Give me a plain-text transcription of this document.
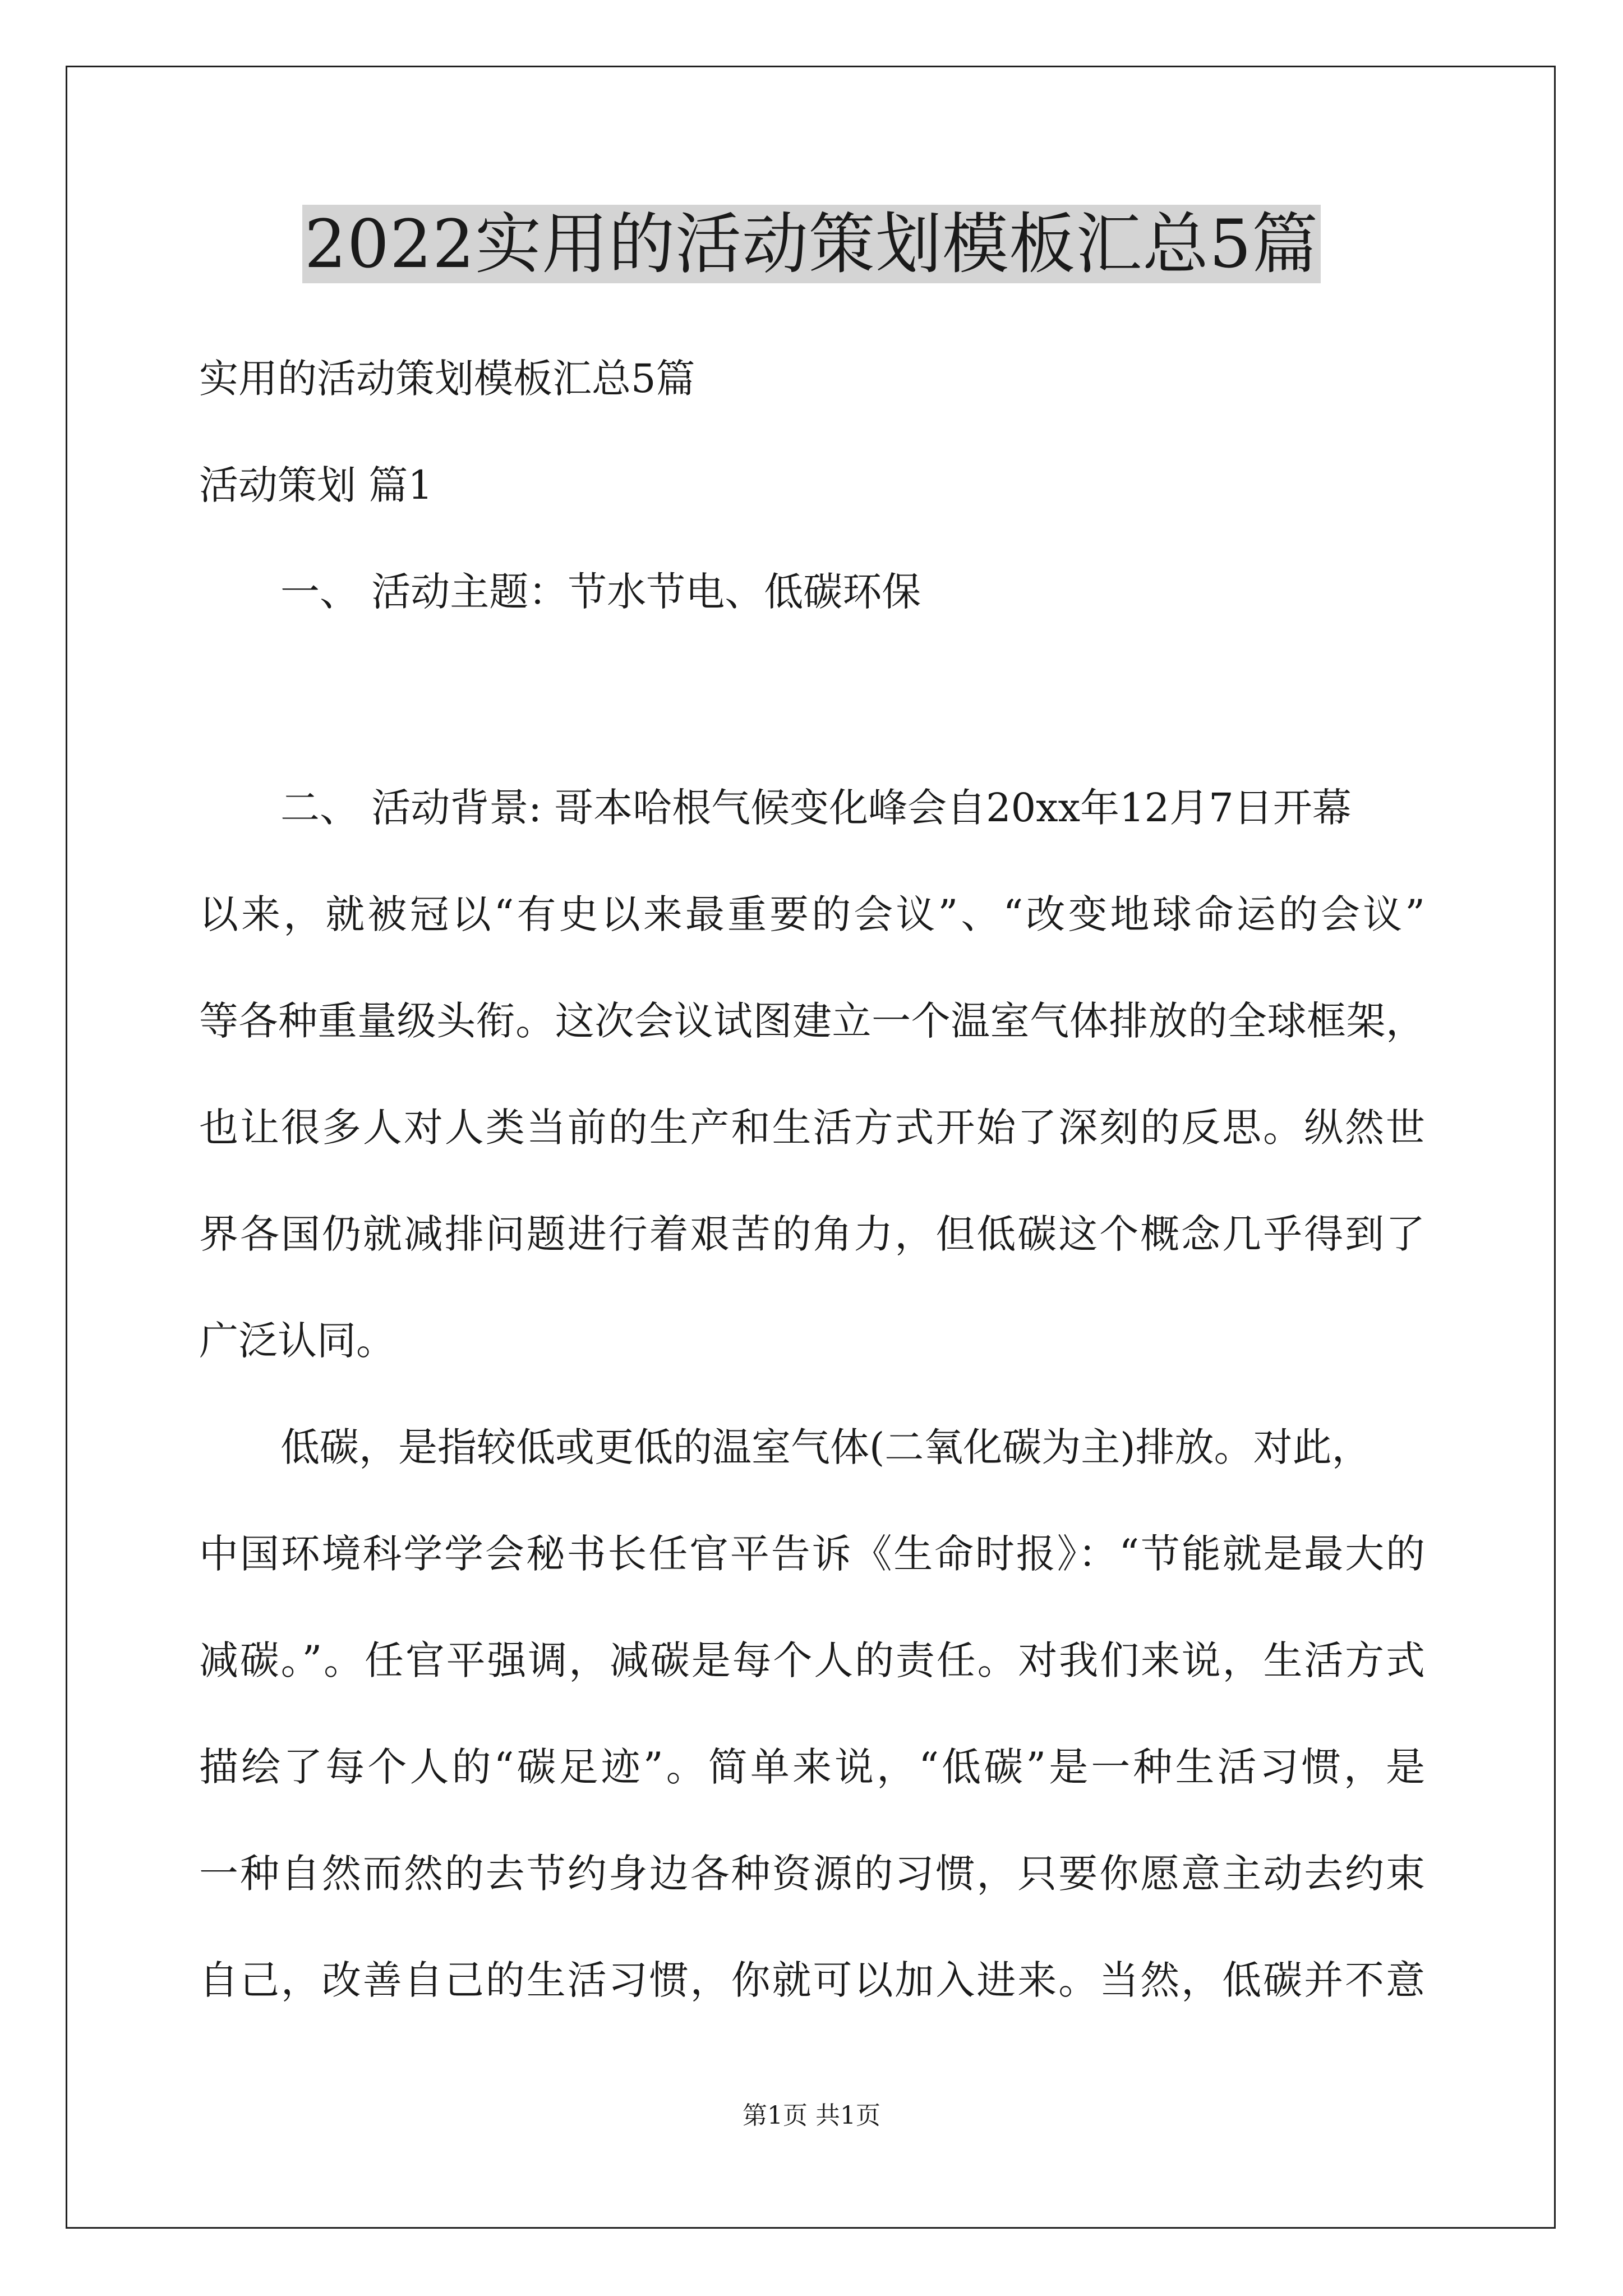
2022实用的活动策划模板汇总5篇
实用的活动策划模板汇总5篇
活动策划 篇1
一、 活动主题：节水节电、低碳环保
二、 活动背景: 哥本哈根气候变化峰会自20xx年12月7日开幕
以来，就被冠以“有史以来最重要的会议”、“改变地球命运的会议”
等各种重量级头衔。这次会议试图建立一个温室气体排放的全球框架，
也让很多人对人类当前的生产和生活方式开始了深刻的反思。纵然世
界各国仍就减排问题进行着艰苦的角力，但低碳这个概念几乎得到了
广泛认同。
低碳，是指较低或更低的温室气体(二氧化碳为主)排放。对此，
中国环境科学学会秘书长任官平告诉《生命时报》：“节能就是最大的
减碳。”。任官平强调，减碳是每个人的责任。对我们来说，生活方式
描绘了每个人的“碳足迹”。简单来说，“低碳”是一种生活习惯，是
一种自然而然的去节约身边各种资源的习惯，只要你愿意主动去约束
自己，改善自己的生活习惯，你就可以加入进来。当然，低碳并不意
第1页 共1页
